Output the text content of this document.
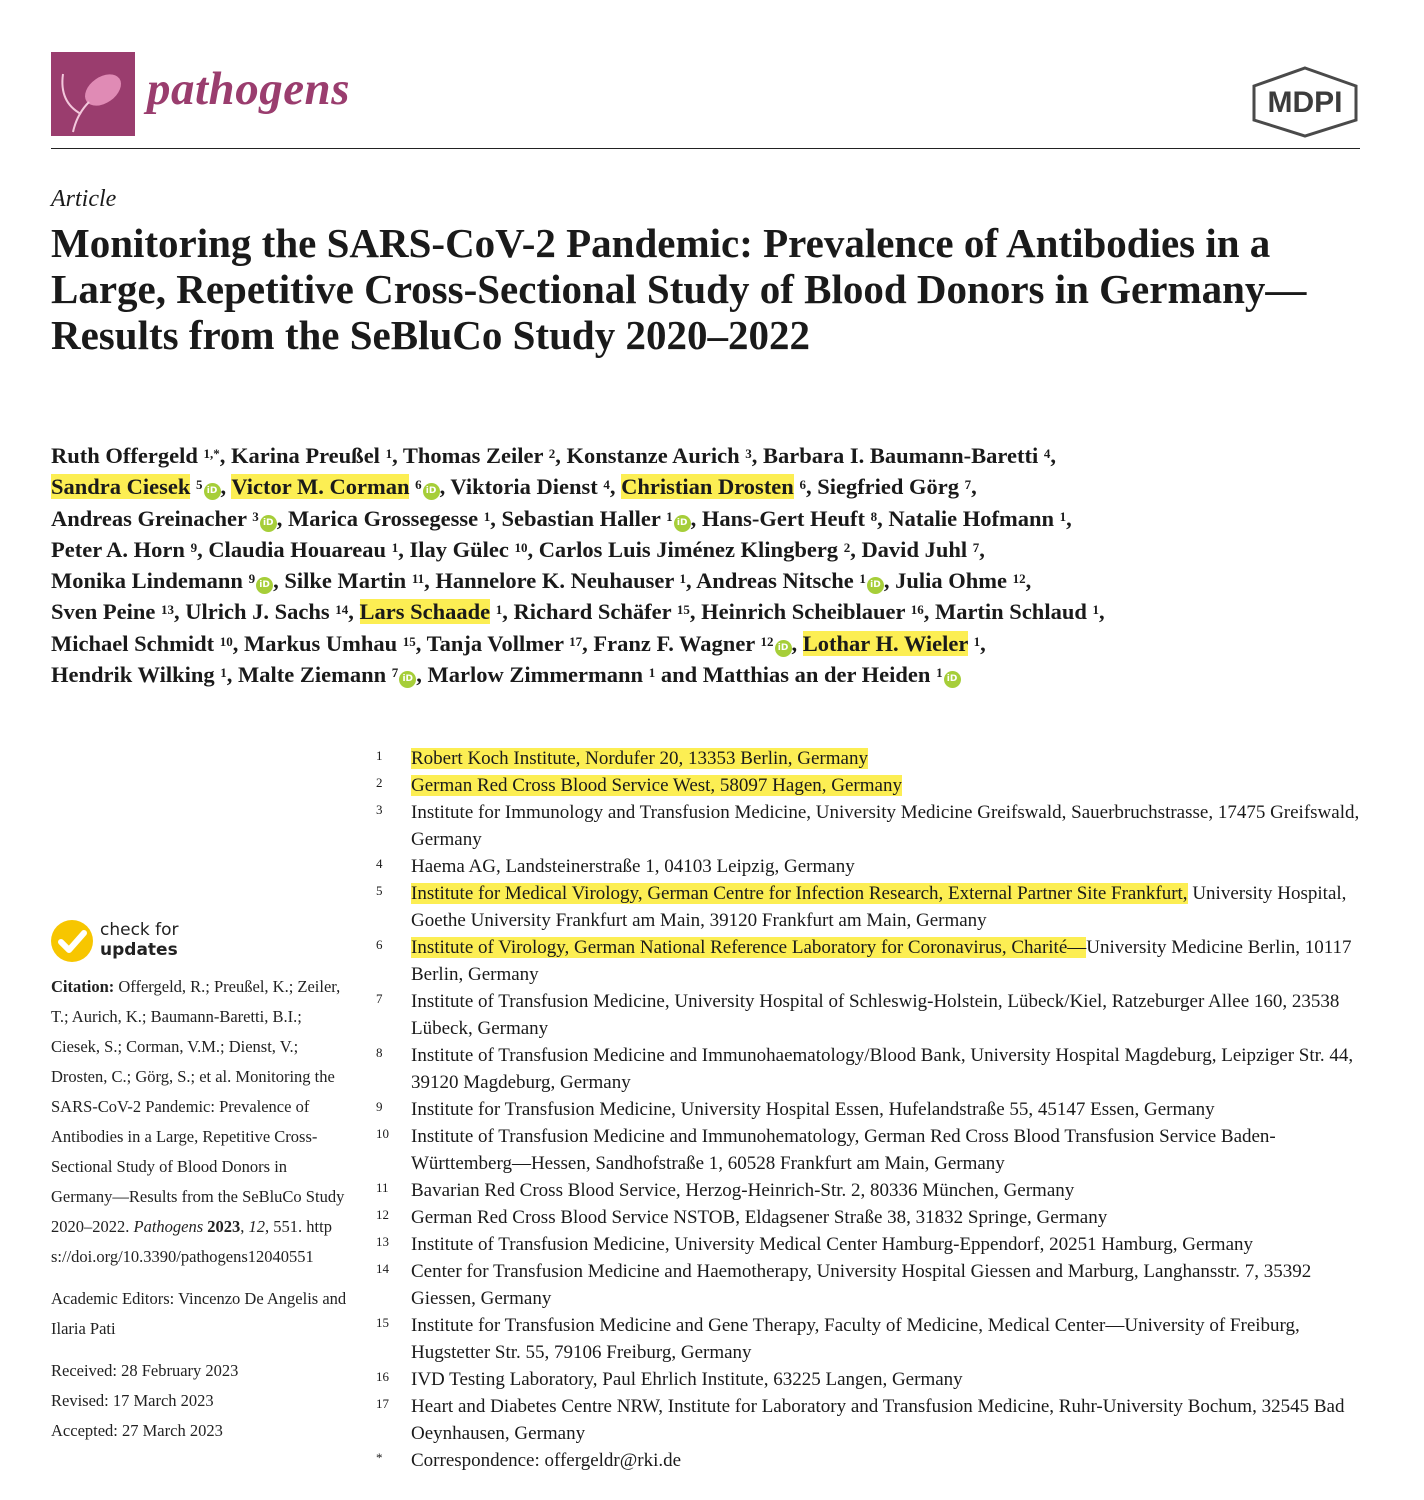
pathogens	MDPI
Article
Monitoring the SARS-CoV-2 Pandemic: Prevalence of Antibodies in a Large, Repetitive Cross-Sectional Study of Blood Donors in Germany—Results from the SeBluCo Study 2020–2022
Ruth Offergeld $^{1,*}$, Karina Preußel $^1$, Thomas Zeiler $^2$, Konstanze Aurich $^3$, Barbara I. Baumann-Baretti $^4$,
Sandra Ciesek $^5$ iD , Victor M. Corman $^6$ iD , Viktoria Dienst $^4$, Christian Drosten $^6$, Siegfried Görg $^7$,
Andreas Greinacher $^3$ iD , Marica Grossegesse $^1$, Sebastian Haller $^1$ iD , Hans-Gert Heuft $^8$, Natalie Hofmann $^1$,
Peter A. Horn $^9$, Claudia Houareau $^1$, Ilay Gülec $^{10}$, Carlos Luis Jiménez Klingberg $^2$, David Juhl $^7$,
Monika Lindemann $^9$ iD , Silke Martin $^{11}$, Hannelore K. Neuhauser $^1$, Andreas Nitsche $^1$ iD , Julia Ohme $^{12}$,
Sven Peine $^{13}$, Ulrich J. Sachs $^{14}$, Lars Schaade $^1$, Richard Schäfer $^{15}$, Heinrich Scheiblauer $^{16}$, Martin Schlaud $^1$,
Michael Schmidt $^{10}$, Markus Umhau $^{15}$, Tanja Vollmer $^{17}$, Franz F. Wagner $^{12}$ iD , Lothar H. Wieler $^1$,
Hendrik Wilking $^1$, Malte Ziemann $^7$ iD , Marlow Zimmermann $^1$ and Matthias an der Heiden $^1$ iD
1 Robert Koch Institute, Nordufer 20, 13353 Berlin, Germany
2 German Red Cross Blood Service West, 58097 Hagen, Germany
3 Institute for Immunology and Transfusion Medicine, University Medicine Greifswald, Sauerbruchstrasse, 17475 Greifswald, Germany
4 Haema AG, Landsteinerstraße 1, 04103 Leipzig, Germany
5 Institute for Medical Virology, German Centre for Infection Research, External Partner Site Frankfurt, University Hospital, Goethe University Frankfurt am Main, 39120 Frankfurt am Main, Germany
6 Institute of Virology, German National Reference Laboratory for Coronavirus, Charité—University Medicine Berlin, 10117 Berlin, Germany
7 Institute of Transfusion Medicine, University Hospital of Schleswig-Holstein, Lübeck/Kiel, Ratzeburger Allee 160, 23538 Lübeck, Germany
8 Institute of Transfusion Medicine and Immunohaematology/Blood Bank, University Hospital Magdeburg, Leipziger Str. 44, 39120 Magdeburg, Germany
9 Institute for Transfusion Medicine, University Hospital Essen, Hufelandstraße 55, 45147 Essen, Germany
10 Institute of Transfusion Medicine and Immunohematology, German Red Cross Blood Transfusion Service Baden-Württemberg—Hessen, Sandhofstraße 1, 60528 Frankfurt am Main, Germany
11 Bavarian Red Cross Blood Service, Herzog-Heinrich-Str. 2, 80336 München, Germany
12 German Red Cross Blood Service NSTOB, Eldagsener Straße 38, 31832 Springe, Germany
13 Institute of Transfusion Medicine, University Medical Center Hamburg-Eppendorf, 20251 Hamburg, Germany
14 Center for Transfusion Medicine and Haemotherapy, University Hospital Giessen and Marburg, Langhansstr. 7, 35392 Giessen, Germany
15 Institute for Transfusion Medicine and Gene Therapy, Faculty of Medicine, Medical Center—University of Freiburg, Hugstetter Str. 55, 79106 Freiburg, Germany
16 IVD Testing Laboratory, Paul Ehrlich Institute, 63225 Langen, Germany
17 Heart and Diabetes Centre NRW, Institute for Laboratory and Transfusion Medicine, Ruhr-University Bochum, 32545 Bad Oeynhausen, Germany
* Correspondence: offergeldr@rki.de
check for
updates

Citation: Offergeld, R.; Preußel, K.; Zeiler, T.; Aurich, K.; Baumann-Baretti, B.I.; Ciesek, S.; Corman, V.M.; Dienst, V.; Drosten, C.; Görg, S.; et al. Monitoring the SARS-CoV-2 Pandemic: Prevalence of Antibodies in a Large, Repetitive Cross-Sectional Study of Blood Donors in Germany—Results from the SeBluCo Study 2020–2022. Pathogens 2023, 12, 551. https://doi.org/10.3390/pathogens12040551

Academic Editors: Vincenzo De Angelis and Ilaria Pati

Received: 28 February 2023

Revised: 17 March 2023

Accepted: 27 March 2023
